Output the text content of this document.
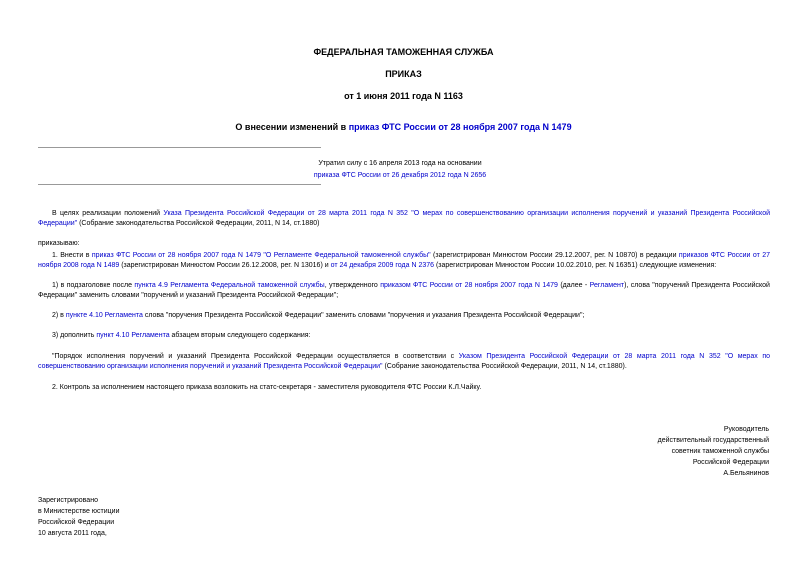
ФЕДЕРАЛЬНАЯ ТАМОЖЕННАЯ СЛУЖБА
ПРИКАЗ
от 1 июня 2011 года N 1163
О внесении изменений в приказ ФТС России от 28 ноября 2007 года N 1479
Утратил силу с 16 апреля 2013 года на основании
приказа ФТС России от 26 декабря 2012 года N 2656
В целях реализации положений Указа Президента Российской Федерации от 28 марта 2011 года N 352 "О мерах по совершенствованию организации исполнения поручений и указаний Президента Российской Федерации" (Собрание законодательства Российской Федерации, 2011, N 14, ст.1880)
приказываю:
1. Внести в приказ ФТС России от 28 ноября 2007 года N 1479 "О Регламенте Федеральной таможенной службы" (зарегистрирован Минюстом России 29.12.2007, рег. N 10870) в редакции приказов ФТС России от 27 ноября 2008 года N 1489 (зарегистрирован Минюстом России 26.12.2008, рег. N 13016) и от 24 декабря 2009 года N 2376 (зарегистрирован Минюстом России 10.02.2010, рег. N 16351) следующие изменения:
1) в подзаголовке после пункта 4.9 Регламента Федеральной таможенной службы, утвержденного приказом ФТС России от 28 ноября 2007 года N 1479 (далее - Регламент), слова "поручений Президента Российской Федерации" заменить словами "поручений и указаний Президента Российской Федерации";
2) в пункте 4.10 Регламента слова "поручения Президента Российской Федерации" заменить словами "поручения и указания Президента Российской Федерации";
3) дополнить пункт 4.10 Регламента абзацем вторым следующего содержания:
"Порядок исполнения поручений и указаний Президента Российской Федерации осуществляется в соответствии с Указом Президента Российской Федерации от 28 марта 2011 года N 352 "О мерах по совершенствованию организации исполнения поручений и указаний Президента Российской Федерации" (Собрание законодательства Российской Федерации, 2011, N 14, ст.1880).
2. Контроль за исполнением настоящего приказа возложить на статс-секретаря - заместителя руководителя ФТС России К.Л.Чайку.
Руководитель
действительный государственный
советник таможенной службы
Российской Федерации
А.Бельянинов
Зарегистрировано
в Министерстве юстиции
Российской Федерации
10 августа 2011 года,
